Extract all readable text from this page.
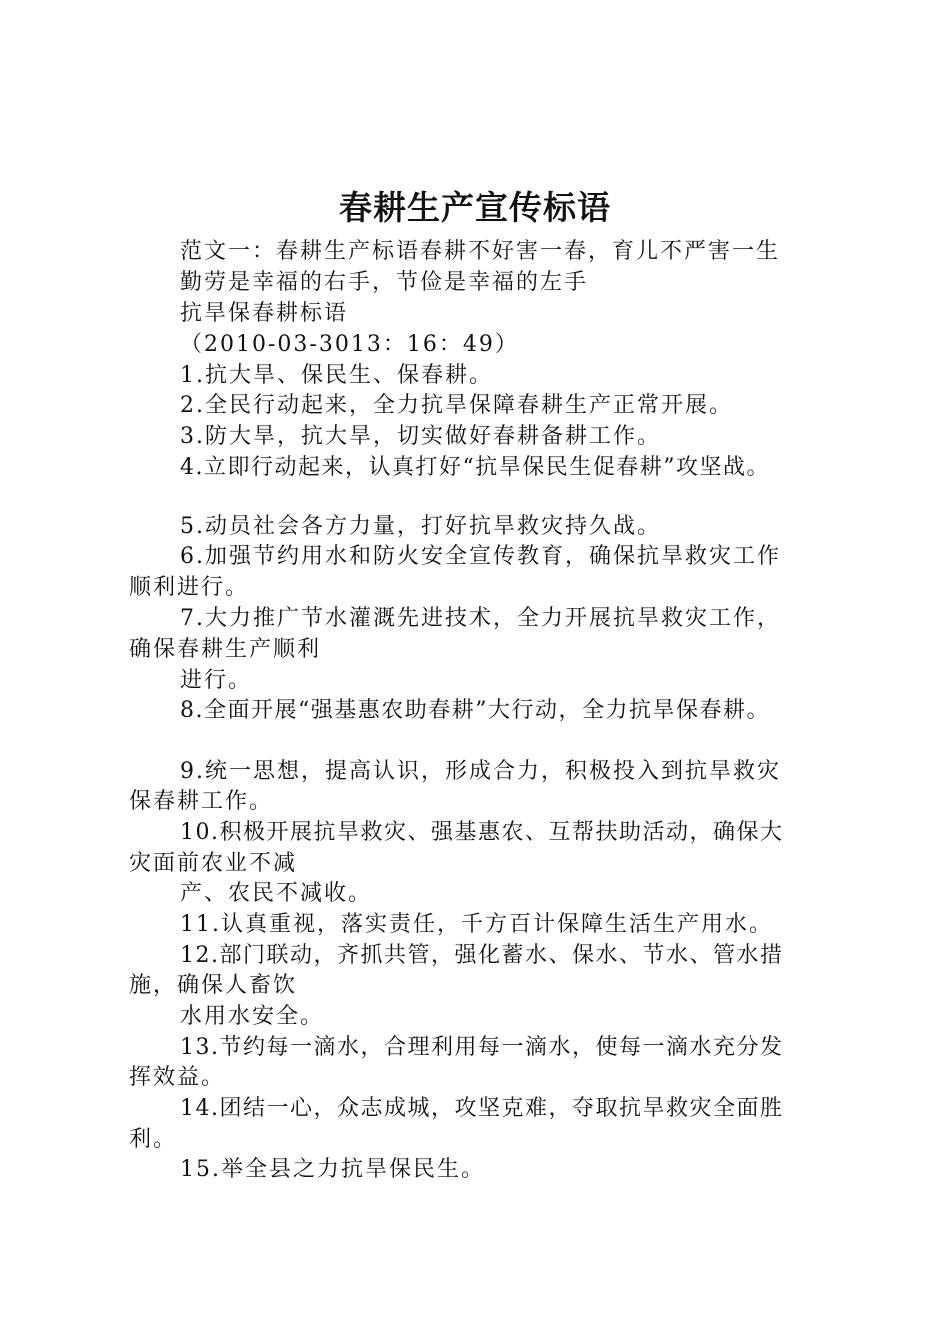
春耕生产宣传标语

范文一：春耕生产标语春耕不好害一春，育儿不严害一生

勤劳是幸福的右手，节俭是幸福的左手

抗旱保春耕标语

（2010-03-3013：16：49）

1.抗大旱、保民生、保春耕。

2.全民行动起来，全力抗旱保障春耕生产正常开展。

3.防大旱，抗大旱，切实做好春耕备耕工作。

4.立即行动起来，认真打好“抗旱保民生促春耕”攻坚战。

5.动员社会各方力量，打好抗旱救灾持久战。

6.加强节约用水和防火安全宣传教育，确保抗旱救灾工作

顺利进行。

7.大力推广节水灌溉先进技术，全力开展抗旱救灾工作，

确保春耕生产顺利

进行。

8.全面开展“强基惠农助春耕”大行动，全力抗旱保春耕。

9.统一思想，提高认识，形成合力，积极投入到抗旱救灾

保春耕工作。

10.积极开展抗旱救灾、强基惠农、互帮扶助活动，确保大

灾面前农业不减

产、农民不减收。

11.认真重视，落实责任，千方百计保障生活生产用水。

12.部门联动，齐抓共管，强化蓄水、保水、节水、管水措

施，确保人畜饮

水用水安全。

13.节约每一滴水，合理利用每一滴水，使每一滴水充分发

挥效益。

14.团结一心，众志成城，攻坚克难，夺取抗旱救灾全面胜

利。

15.举全县之力抗旱保民生。
